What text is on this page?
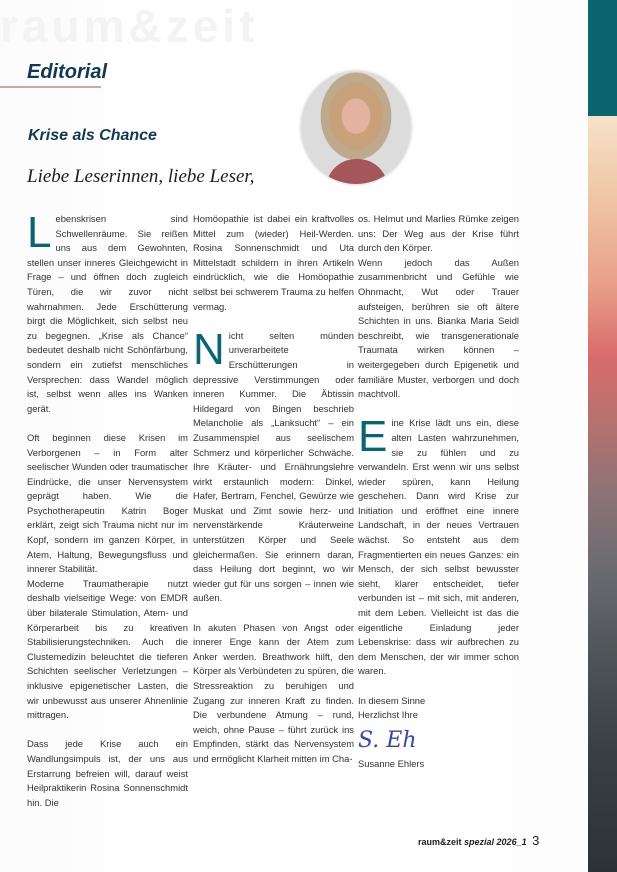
raum&zeit
Editorial
Krise als Chance
Liebe Leserinnen, liebe Leser,

Lebenskrisen sind Schwellenräume. Sie reißen uns aus dem Gewohnten, stellen unser inneres Gleichgewicht in Frage – und öffnen doch zugleich Türen, die wir zuvor nicht wahrnahmen. Jede Erschütterung birgt die Möglichkeit, sich selbst neu zu begegnen. „Krise als Chance“ bedeutet deshalb nicht Schönfärbung, sondern ein zutiefst menschliches Versprechen: dass Wandel möglich ist, selbst wenn alles ins Wanken gerät.

Oft beginnen diese Krisen im Verborgenen – in Form alter seelischer Wunden oder traumatischer Eindrücke, die unser Nervensystem geprägt haben. Wie die Psychotherapeutin Katrin Boger erklärt, zeigt sich Trauma nicht nur im Kopf, sondern im ganzen Körper, in Atem, Haltung, Bewegungsfluss und innerer Stabilität.

Moderne Traumatherapie nutzt deshalb vielseitige Wege: von EMDR über bilaterale Stimulation, Atem- und Körperarbeit bis zu kreativen Stabilisierungstechniken. Auch die Clustemedizin beleuchtet die tieferen Schichten seelischer Verletzungen – inklusive epigenetischer Lasten, die wir unbewusst aus unserer Ahnenlinie mittragen.

Dass jede Krise auch ein Wandlungsimpuls ist, der uns aus Erstarrung befreien will, darauf weist Heilpraktikerin Rosina Sonnenschmidt hin. Die

Homöopathie ist dabei ein kraftvolles Mittel zum (wieder) Heil-Werden. Rosina Sonnenschmidt und Uta Mittelstadt schildern in ihren Artikeln eindrücklich, wie die Homöopathie selbst bei schwerem Trauma zu helfen vermag.

Nicht selten münden unverarbeitete Erschütterungen in depressive Verstimmungen oder inneren Kummer. Die Äbtissin Hildegard von Bingen beschrieb Melancholie als „Lanksucht“ – ein Zusammenspiel aus seelischem Schmerz und körperlicher Schwäche. Ihre Kräuter- und Ernährungslehre wirkt erstaunlich modern: Dinkel, Hafer, Bertram, Fenchel, Gewürze wie Muskat und Zimt sowie herz- und nervenstärkende Kräuterweine unterstützen Körper und Seele gleichermaßen. Sie erinnern daran, dass Heilung dort beginnt, wo wir wieder gut für uns sorgen – innen wie außen.

In akuten Phasen von Angst oder innerer Enge kann der Atem zum Anker werden. Breathwork hilft, den Körper als Verbündeten zu spüren, die Stressreaktion zu beruhigen und Zugang zur inneren Kraft zu finden. Die verbundene Atmung – rund, weich, ohne Pause – führt zurück ins Empfinden, stärkt das Nervensystem und ermöglicht Klarheit mitten im Cha-

os. Helmut und Marlies Rümke zeigen uns: Der Weg aus der Krise führt durch den Körper.

Wenn jedoch das Außen zusammenbricht und Gefühle wie Ohnmacht, Wut oder Trauer aufsteigen, berühren sie oft ältere Schichten in uns. Bianka Maria Seidl beschreibt, wie transgenerationale Traumata wirken können – weitergegeben durch Epigenetik und familiäre Muster, verborgen und doch machtvoll.

Eine Krise lädt uns ein, diese alten Lasten wahrzunehmen, sie zu fühlen und zu verwandeln. Erst wenn wir uns selbst wieder spüren, kann Heilung geschehen. Dann wird Krise zur Initiation und eröffnet eine innere Landschaft, in der neues Vertrauen wächst. So entsteht aus dem Fragmentierten ein neues Ganzes: ein Mensch, der sich selbst bewusster sieht, klarer entscheidet, tiefer verbunden ist – mit sich, mit anderen, mit dem Leben. Vielleicht ist das die eigentliche Einladung jeder Lebenskrise: dass wir aufbrechen zu dem Menschen, der wir immer schon waren.

In diesem Sinne

Herzlichst Ihre

S. Eh

Susanne Ehlers

raum&zeit spezial 2026_1 3
